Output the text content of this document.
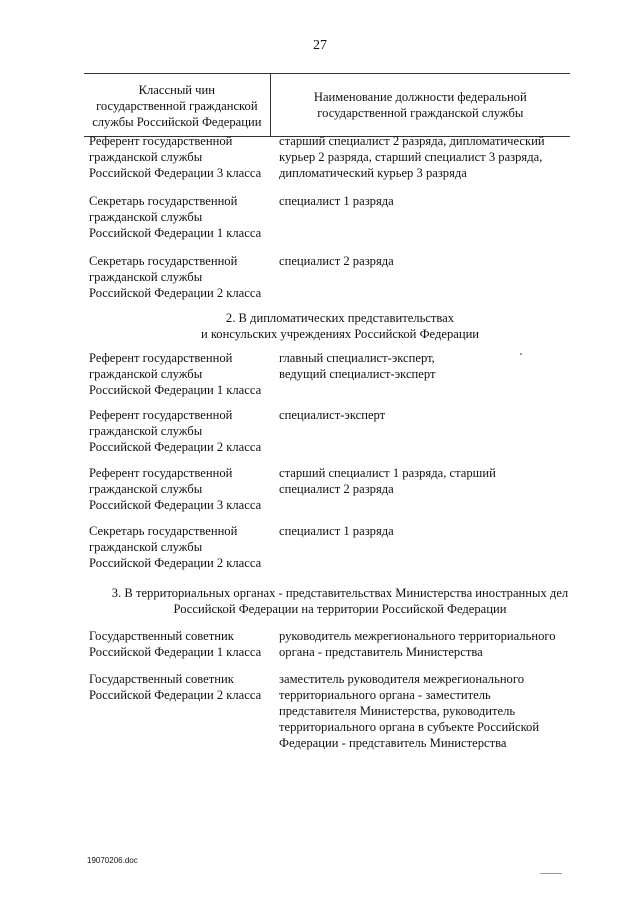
27
Классный чин
государственной гражданской
службы Российской Федерации
Наименование должности федеральной
государственной гражданской службы
Референт государственной
гражданской службы
Российской Федерации 3 класса
старший специалист 2 разряда, дипломатический
курьер 2 разряда, старший специалист 3 разряда,
дипломатический курьер 3 разряда
Секретарь государственной
гражданской службы
Российской Федерации 1 класса
специалист 1 разряда
Секретарь государственной
гражданской службы
Российской Федерации 2 класса
специалист 2 разряда
2. В дипломатических представительствах
и консульских учреждениях Российской Федерации
Референт государственной
гражданской службы
Российской Федерации 1 класса
главный специалист-эксперт,
ведущий специалист-эксперт
Референт государственной
гражданской службы
Российской Федерации 2 класса
специалист-эксперт
Референт государственной
гражданской службы
Российской Федерации 3 класса
старший специалист 1 разряда, старший
специалист 2 разряда
Секретарь государственной
гражданской службы
Российской Федерации 2 класса
специалист 1 разряда
3. В территориальных органах - представительствах Министерства иностранных дел
Российской Федерации на территории Российской Федерации
Государственный советник
Российской Федерации 1 класса
руководитель межрегионального территориального
органа - представитель Министерства
Государственный советник
Российской Федерации 2 класса
заместитель руководителя межрегионального
территориального органа - заместитель
представителя Министерства, руководитель
территориального органа в субъекте Российской
Федерации - представитель Министерства
19070206.doc
